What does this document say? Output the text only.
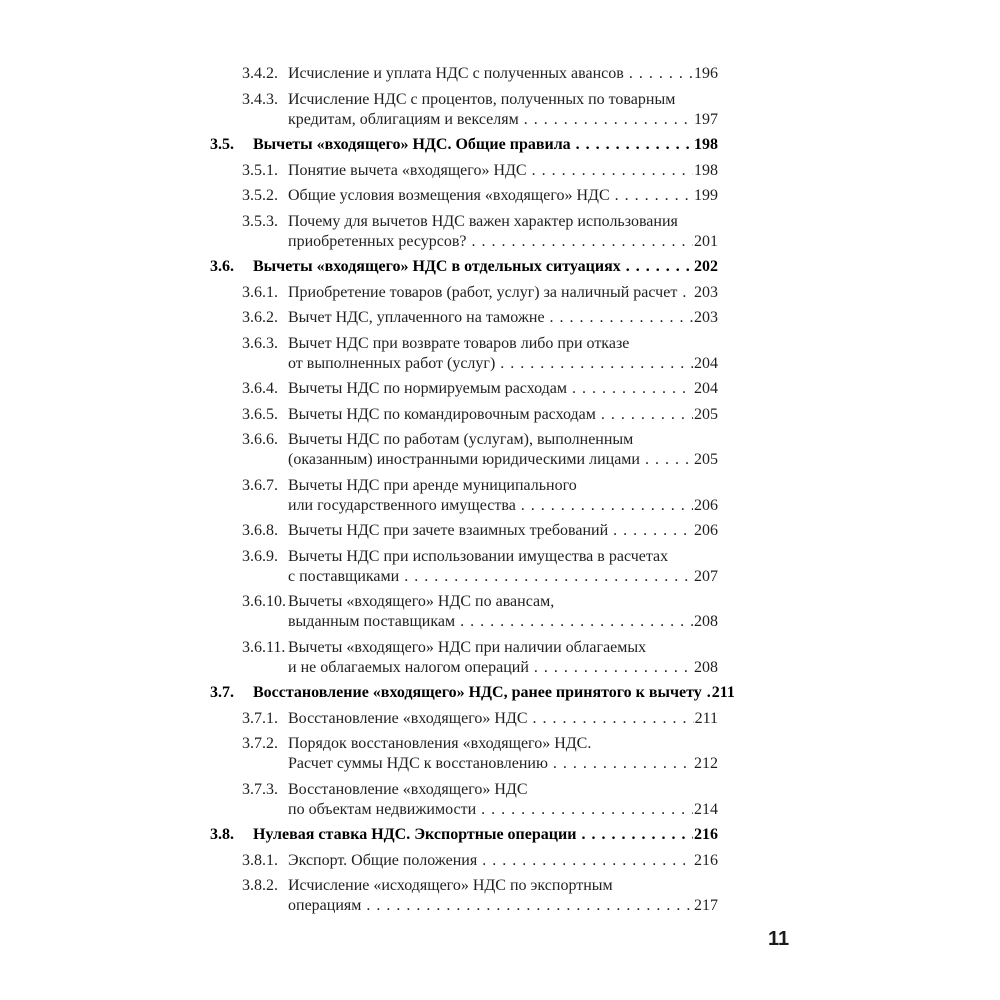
3.4.2. Исчисление и уплата НДС с полученных авансов . . .	196
3.4.3. Исчисление НДС с процентов, полученных по товарным
кредитам, облигациям и векселям . . .	197
3.5.	Вычеты «входящего» НДС. Общие правила . . .	198
3.5.1. Понятие вычета «входящего» НДС . . .	198
3.5.2. Общие условия возмещения «входящего» НДС . . .	199
3.5.3. Почему для вычетов НДС важен характер использования
приобретенных ресурсов? . . .	201
3.6.	Вычеты «входящего» НДС в отдельных ситуациях . . .	202
3.6.1. Приобретение товаров (работ, услуг) за наличный расчет . . . 203
3.6.2. Вычет НДС, уплаченного на таможне . . .	203
3.6.3. Вычет НДС при возврате товаров либо при отказе
от выполненных работ (услуг) . . .	204
3.6.4. Вычеты НДС по нормируемым расходам . . .	204
3.6.5. Вычеты НДС по командировочным расходам . . .	205
3.6.6. Вычеты НДС по работам (услугам), выполненным
(оказанным) иностранными юридическими лицами . . .	205
3.6.7. Вычеты НДС при аренде муниципального
или государственного имущества . . .	206
3.6.8. Вычеты НДС при зачете взаимных требований . . .	206
3.6.9. Вычеты НДС при использовании имущества в расчетах
с поставщиками . . .	207
3.6.10. Вычеты «входящего» НДС по авансам,
выданным поставщикам . . .	208
3.6.11. Вычеты «входящего» НДС при наличии облагаемых
и не облагаемых налогом операций . . .	208
3.7.	Восстановление «входящего» НДС, ранее принятого к вычету . . . 211
3.7.1. Восстановление «входящего» НДС . . .	211
3.7.2. Порядок восстановления «входящего» НДС.
Расчет суммы НДС к восстановлению . . .	212
3.7.3. Восстановление «входящего» НДС
по объектам недвижимости . . .	214
3.8.	Нулевая ставка НДС. Экспортные операции . . .	216
3.8.1. Экспорт. Общие положения . . .	216
3.8.2. Исчисление «исходящего» НДС по экспортным
операциям . . .	217
11
